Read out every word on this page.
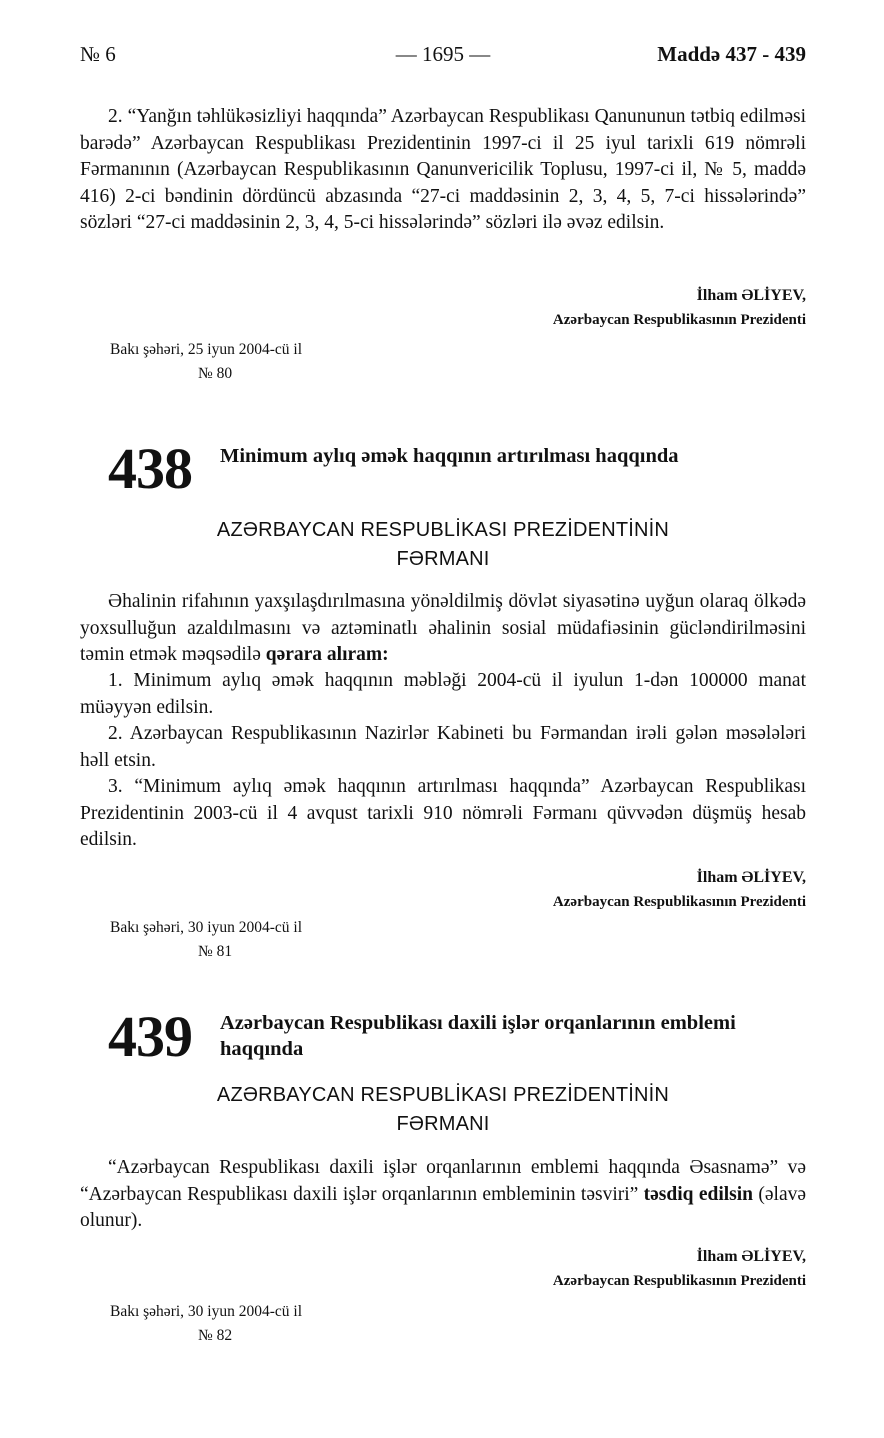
№ 6	— 1695 —	Maddə 437 - 439
2. “Yanğın təhlükəsizliyi haqqında” Azərbaycan Respublikası Qanununun tətbiq edilməsi barədə” Azərbaycan Respublikası Prezidentinin 1997-ci il 25 iyul tarixli 619 nömrəli Fərmanının (Azərbaycan Respublikasının Qanunvericilik Toplusu, 1997-ci il, № 5, maddə 416) 2-ci bəndinin dördüncü abzasında “27-ci maddəsinin 2, 3, 4, 5, 7-ci hissələrində” sözləri “27-ci maddəsinin 2, 3, 4, 5-ci hissələrində” sözləri ilə əvəz edilsin.
İlham ƏLİYEV,
Azərbaycan Respublikasının Prezidenti
Bakı şəhəri, 25 iyun 2004-cü il
№ 80
438 Minimum aylıq əmək haqqının artırılması haqqında
AZƏRBAYCAN RESPUBLİKASI PREZİDENTİNİN
FƏRMANI
Əhalinin rifahının yaxşılaşdırılmasına yönəldilmiş dövlət siyasətinə uyğun olaraq ölkədə yoxsulluğun azaldılmasını və aztəminatlı əhalinin sosial müdafiəsinin gücləndirilməsini təmin etmək məqsədilə qərara alıram:
1. Minimum aylıq əmək haqqının məbləği 2004-cü il iyulun 1-dən 100000 manat müəyyən edilsin.
2. Azərbaycan Respublikasının Nazirlər Kabineti bu Fərmandan irəli gələn məsələləri həll etsin.
3. “Minimum aylıq əmək haqqının artırılması haqqında” Azərbaycan Respublikası Prezidentinin 2003-cü il 4 avqust tarixli 910 nömrəli Fərmanı qüvvədən düşmüş hesab edilsin.
İlham ƏLİYEV,
Azərbaycan Respublikasının Prezidenti
Bakı şəhəri, 30 iyun 2004-cü il
№ 81
439 Azərbaycan Respublikası daxili işlər orqanlarının emblemi haqqında
AZƏRBAYCAN RESPUBLİKASI PREZİDENTİNİN
FƏRMANI
“Azərbaycan Respublikası daxili işlər orqanlarının emblemi haqqında Əsasnamə” və “Azərbaycan Respublikası daxili işlər orqanlarının embleminin təsviri” təsdiq edilsin (əlavə olunur).
İlham ƏLİYEV,
Azərbaycan Respublikasının Prezidenti
Bakı şəhəri, 30 iyun 2004-cü il
№ 82
